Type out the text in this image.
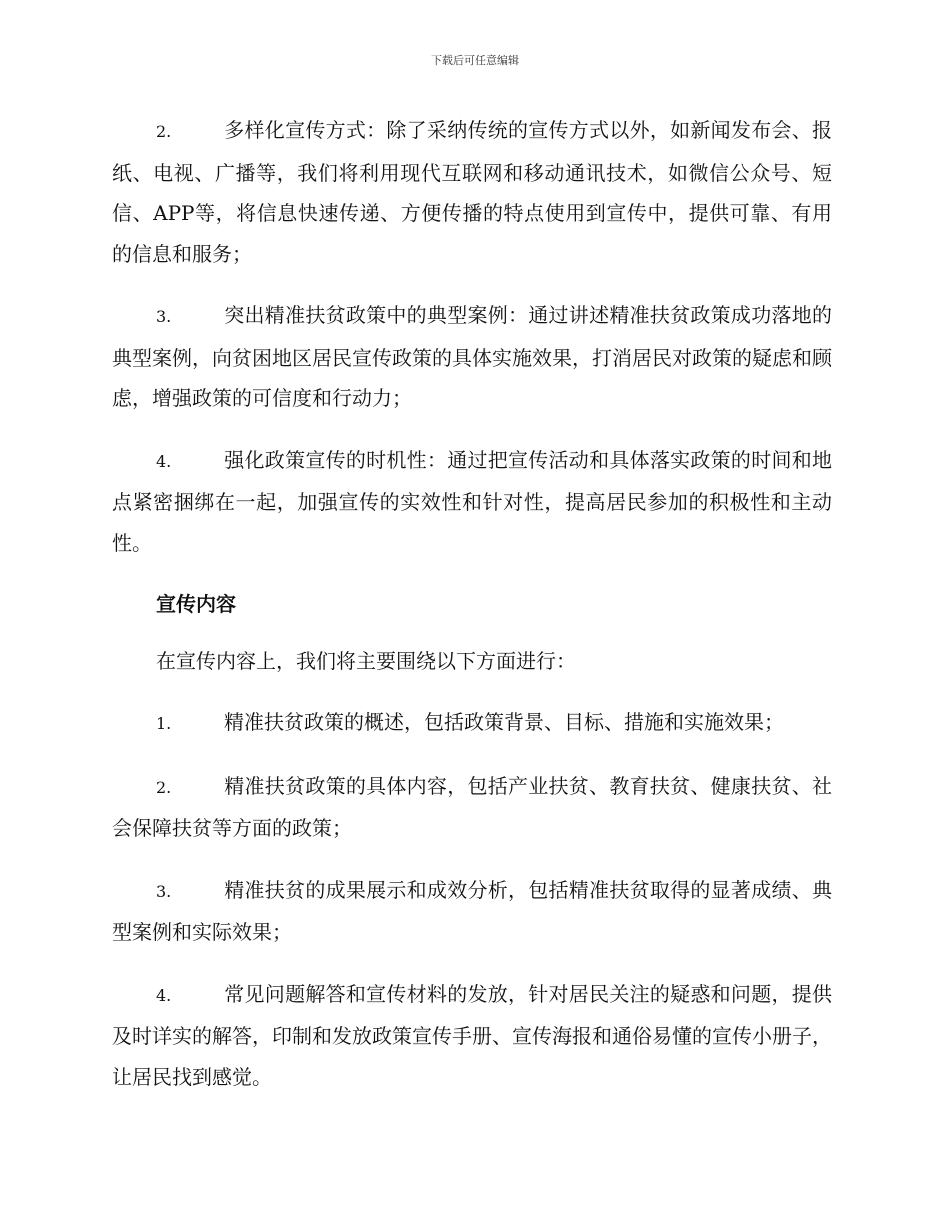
下载后可任意编辑

2.	多样化宣传方式：除了采纳传统的宣传方式以外，如新闻发布会、报纸、电视、广播等，我们将利用现代互联网和移动通讯技术，如微信公众号、短信、APP等，将信息快速传递、方便传播的特点使用到宣传中，提供可靠、有用的信息和服务；

3.	突出精准扶贫政策中的典型案例：通过讲述精准扶贫政策成功落地的典型案例，向贫困地区居民宣传政策的具体实施效果，打消居民对政策的疑虑和顾虑，增强政策的可信度和行动力；

4.	强化政策宣传的时机性：通过把宣传活动和具体落实政策的时间和地点紧密捆绑在一起，加强宣传的实效性和针对性，提高居民参加的积极性和主动性。

宣传内容
在宣传内容上，我们将主要围绕以下方面进行：

1.	精准扶贫政策的概述，包括政策背景、目标、措施和实施效果；

2.	精准扶贫政策的具体内容，包括产业扶贫、教育扶贫、健康扶贫、社会保障扶贫等方面的政策；

3.	精准扶贫的成果展示和成效分析，包括精准扶贫取得的显著成绩、典型案例和实际效果；

4.	常见问题解答和宣传材料的发放，针对居民关注的疑惑和问题，提供及时详实的解答，印制和发放政策宣传手册、宣传海报和通俗易懂的宣传小册子，让居民找到感觉。
